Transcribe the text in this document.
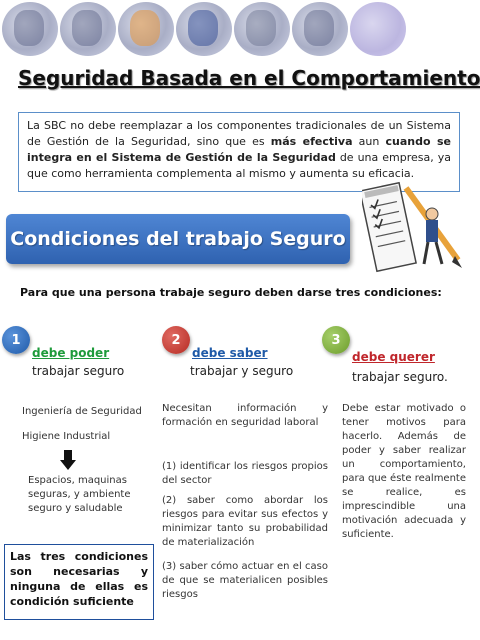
Seguridad Basada en el Comportamiento
La SBC no debe reemplazar a los componentes tradicionales de un Sistema de Gestión de la Seguridad, sino que es más efectiva aun cuando se integra en el Sistema de Gestión de la Seguridad de una empresa, ya que como herramienta complementa al mismo y aumenta su eficacia.
Condiciones del trabajo Seguro
Para que una persona trabaje seguro deben darse tres condiciones:
1
debe poder
trabajar seguro
Ingeniería de Seguridad
Higiene Industrial
Espacios, maquinas seguras, y ambiente seguro y saludable
2
debe saber
trabajar y seguro
Necesitan información y formación en seguridad laboral
(1) identificar los riesgos propios del sector
(2) saber como abordar los riesgos para evitar sus efectos y minimizar tanto su probabilidad de materialización
(3) saber cómo actuar en el caso de que se materialicen posibles riesgos
3
debe querer
trabajar seguro.
Debe estar motivado o tener motivos para hacerlo. Además de poder y saber realizar un comportamiento, para que éste realmente se realice, es imprescindible una motivación adecuada y suficiente.
Las tres condiciones son necesarias y ninguna de ellas es condición suficiente
